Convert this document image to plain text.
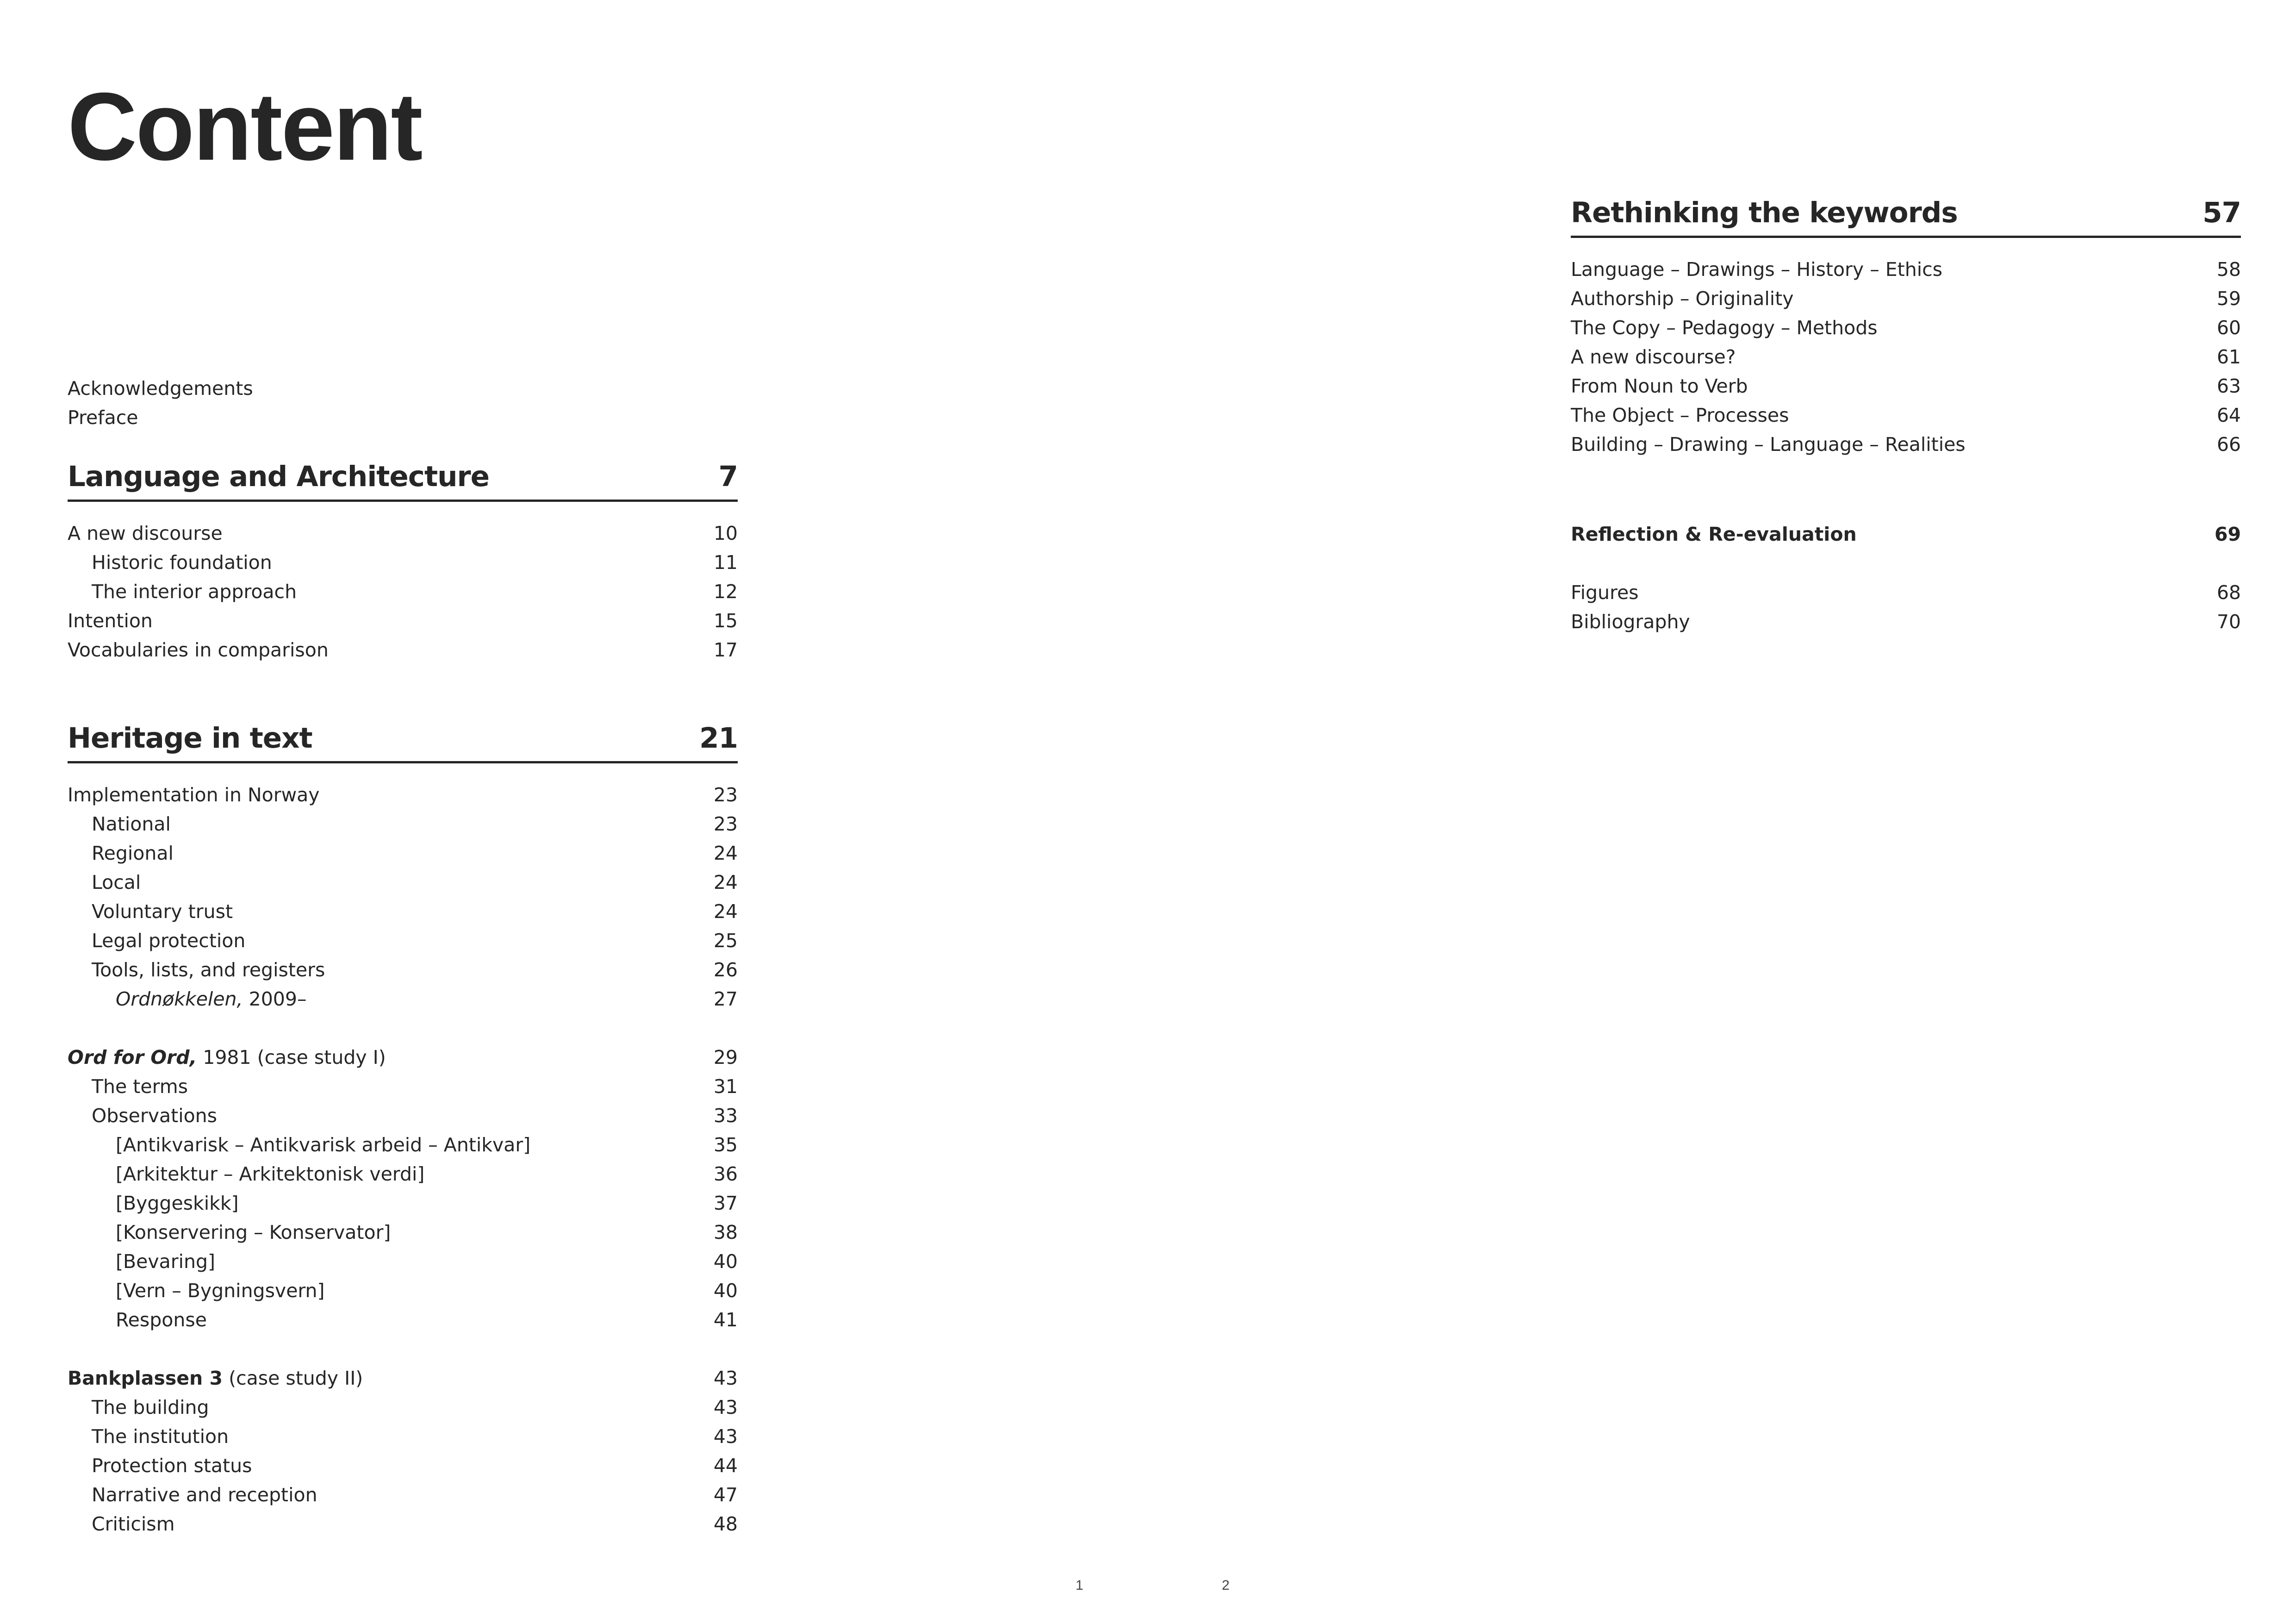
Content
Acknowledgements
Preface
Language and Architecture	7
A new discourse	10
Historic foundation	11
The interior approach	12
Intention	15
Vocabularies in comparison	17
Heritage in text	21
Implementation in Norway	23
National	23
Regional	24
Local	24
Voluntary trust	24
Legal protection	25
Tools, lists, and registers	26
Ordnøkkelen, 2009–	27
Ord for Ord, 1981 (case study I)	29
The terms	31
Observations	33
[Antikvarisk – Antikvarisk arbeid – Antikvar]	35
[Arkitektur – Arkitektonisk verdi]	36
[Byggeskikk]	37
[Konservering – Konservator]	38
[Bevaring]	40
[Vern – Bygningsvern]	40
Response	41
Bankplassen 3 (case study II)	43
The building	43
The institution	43
Protection status	44
Narrative and reception	47
Criticism	48
Rethinking the keywords	57
Language – Drawings – History – Ethics	58
Authorship – Originality	59
The Copy – Pedagogy – Methods	60
A new discourse?	61
From Noun to Verb	63
The Object – Processes	64
Building – Drawing – Language – Realities	66
Reflection & Re-evaluation	69
Figures	68
Bibliography	70
1	2
